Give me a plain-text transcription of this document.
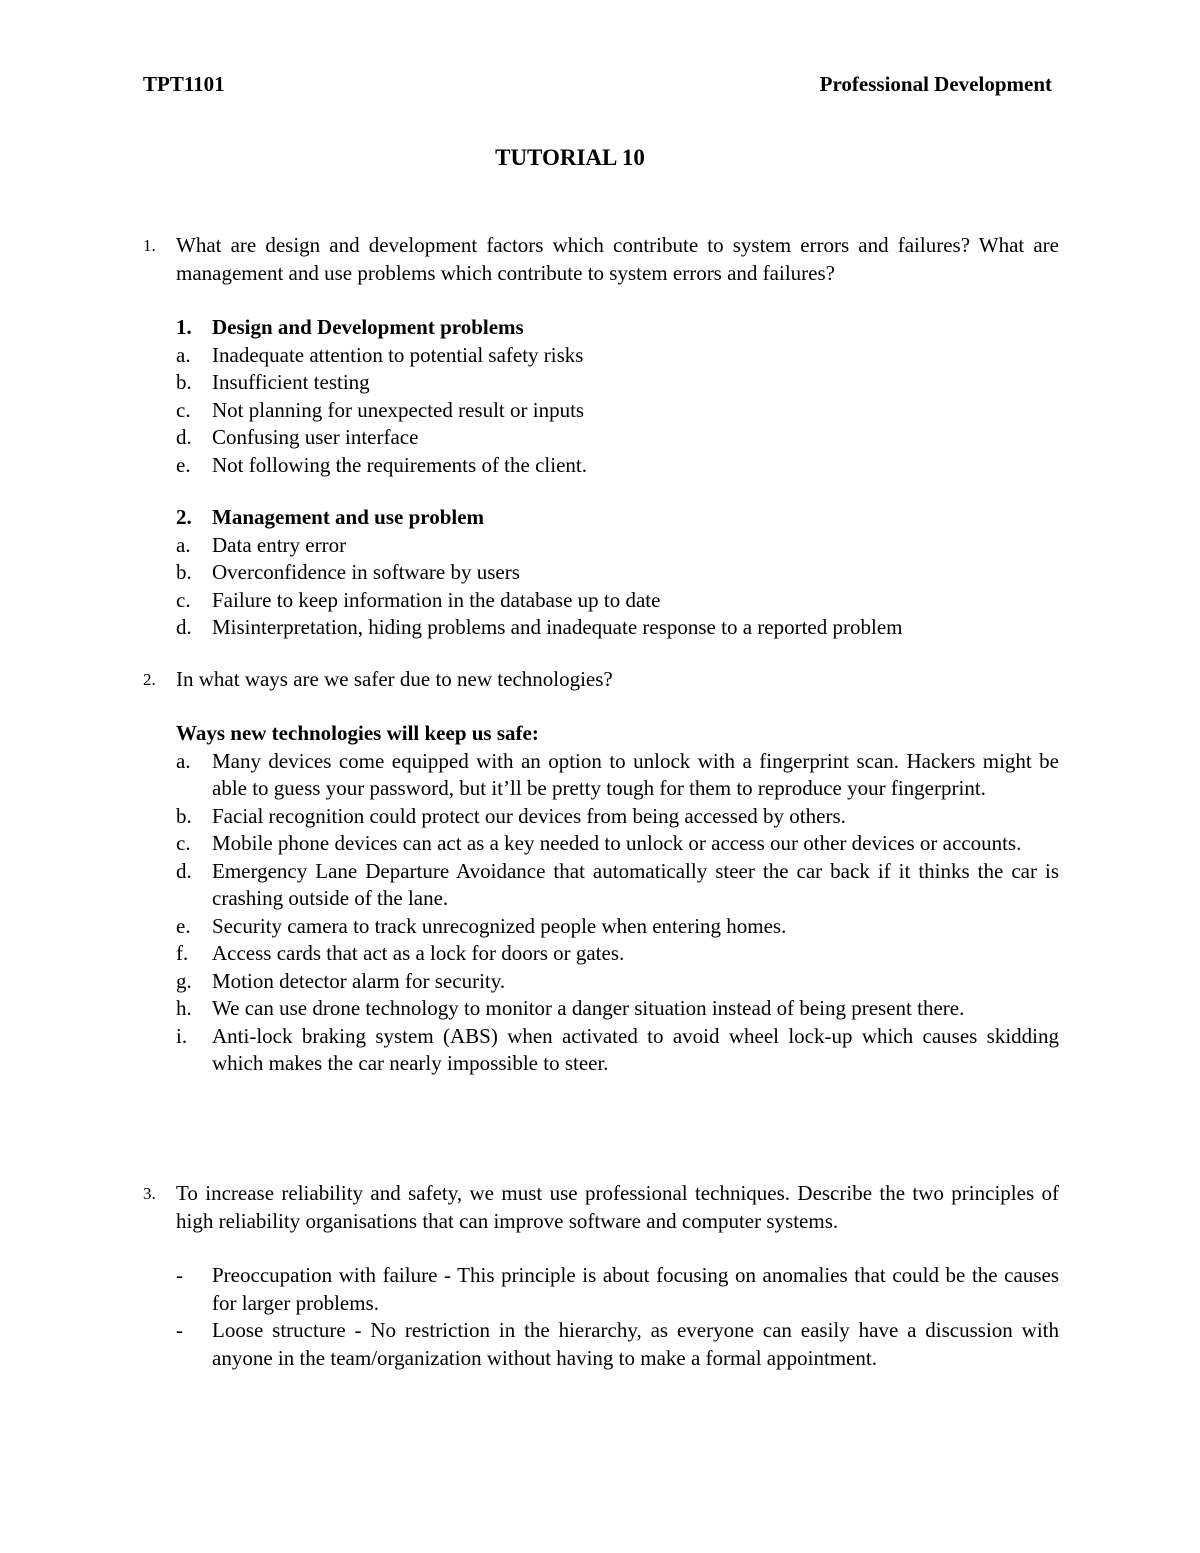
TPT1101	Professional Development
TUTORIAL 10
1. What are design and development factors which contribute to system errors and failures? What are management and use problems which contribute to system errors and failures?
1. Design and Development problems
a. Inadequate attention to potential safety risks
b. Insufficient testing
c. Not planning for unexpected result or inputs
d. Confusing user interface
e. Not following the requirements of the client.
2. Management and use problem
a. Data entry error
b. Overconfidence in software by users
c. Failure to keep information in the database up to date
d. Misinterpretation, hiding problems and inadequate response to a reported problem
2. In what ways are we safer due to new technologies?
Ways new technologies will keep us safe:
a. Many devices come equipped with an option to unlock with a fingerprint scan. Hackers might be able to guess your password, but it’ll be pretty tough for them to reproduce your fingerprint.
b. Facial recognition could protect our devices from being accessed by others.
c. Mobile phone devices can act as a key needed to unlock or access our other devices or accounts.
d. Emergency Lane Departure Avoidance that automatically steer the car back if it thinks the car is crashing outside of the lane.
e. Security camera to track unrecognized people when entering homes.
f. Access cards that act as a lock for doors or gates.
g. Motion detector alarm for security.
h. We can use drone technology to monitor a danger situation instead of being present there.
i. Anti-lock braking system (ABS) when activated to avoid wheel lock-up which causes skidding which makes the car nearly impossible to steer.
3. To increase reliability and safety, we must use professional techniques. Describe the two principles of high reliability organisations that can improve software and computer systems.
- Preoccupation with failure - This principle is about focusing on anomalies that could be the causes for larger problems.
- Loose structure - No restriction in the hierarchy, as everyone can easily have a discussion with anyone in the team/organization without having to make a formal appointment.
